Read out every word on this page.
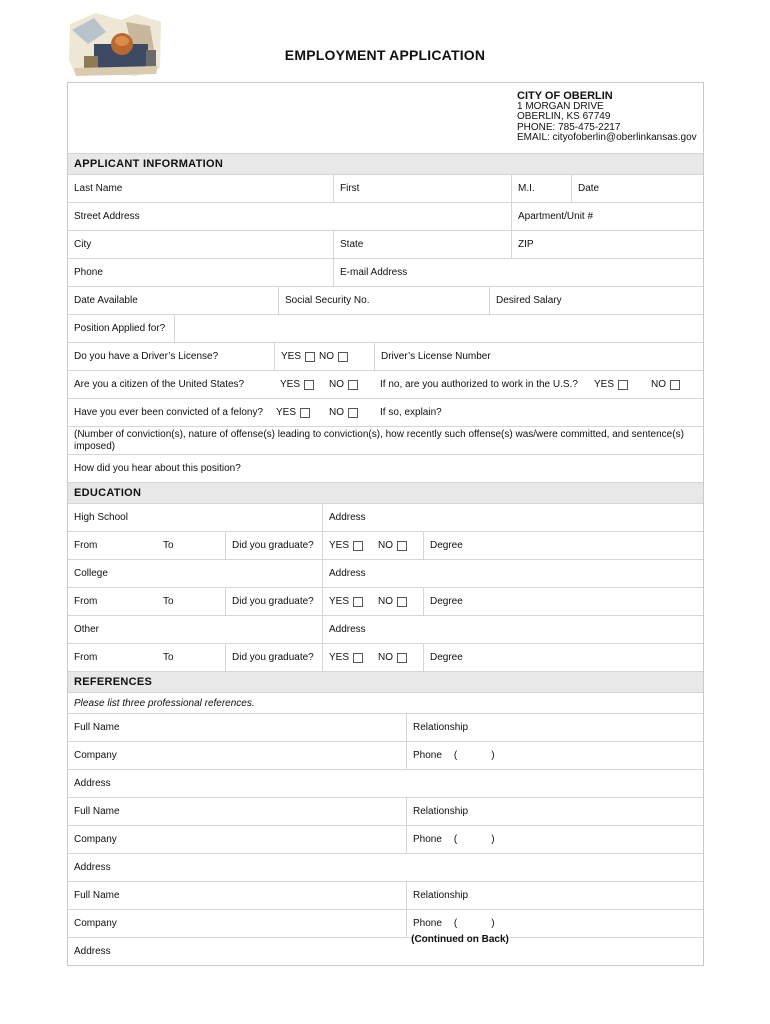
EMPLOYMENT APPLICATION
CITY OF OBERLIN
1 MORGAN DRIVE
OBERLIN, KS 67749
PHONE: 785-475-2217
EMAIL: cityofoberlin@oberlinkansas.gov
APPLICANT INFORMATION
Last Name	First	M.I.	Date
Street Address	Apartment/Unit #
City	State	ZIP
Phone	E-mail Address
Date Available	Social Security No.	Desired Salary
Position Applied for?
Do you have a Driver’s License?	YES NO	Driver’s License Number
Are you a citizen of the United States?	YES	NO	If no, are you authorized to work in the U.S.? YES	NO
Have you ever been convicted of a felony? YES	NO	If so, explain?
(Number of conviction(s), nature of offense(s) leading to conviction(s), how recently such offense(s) was/were committed, and sentence(s) imposed)
How did you hear about this position?
EDUCATION
High School	Address
From	To	Did you graduate? YES	NO	Degree
College	Address
From	To	Did you graduate? YES	NO	Degree
Other	Address
From	To	Did you graduate? YES	NO	Degree
REFERENCES
Please list three professional references.
Full Name	Relationship
Company	Phone (	)
Address
Full Name	Relationship
Company	Phone (	)
Address
Full Name	Relationship
Company	Phone (	)
Address
(Continued on Back)
